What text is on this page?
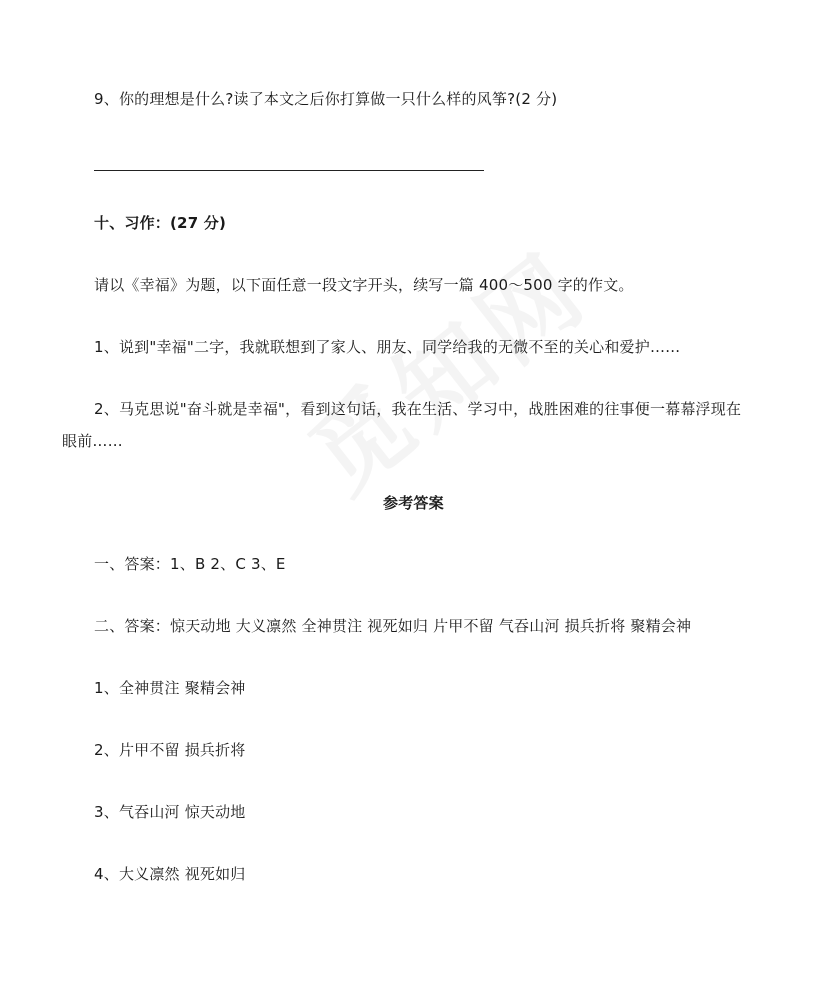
9、你的理想是什么?读了本文之后你打算做一只什么样的风筝?(2 分)
十、习作：(27 分)
请以《幸福》为题，以下面任意一段文字开头，续写一篇 400～500 字的作文。
1、说到"幸福"二字，我就联想到了家人、朋友、同学给我的无微不至的关心和爱护……
2、马克思说"奋斗就是幸福"，看到这句话，我在生活、学习中，战胜困难的往事便一幕幕浮现在
眼前……
参考答案
一、答案：1、B 2、C 3、E
二、答案：惊天动地 大义凛然 全神贯注 视死如归 片甲不留 气吞山河 损兵折将 聚精会神
1、全神贯注 聚精会神
2、片甲不留 损兵折将
3、气吞山河 惊天动地
4、大义凛然 视死如归
